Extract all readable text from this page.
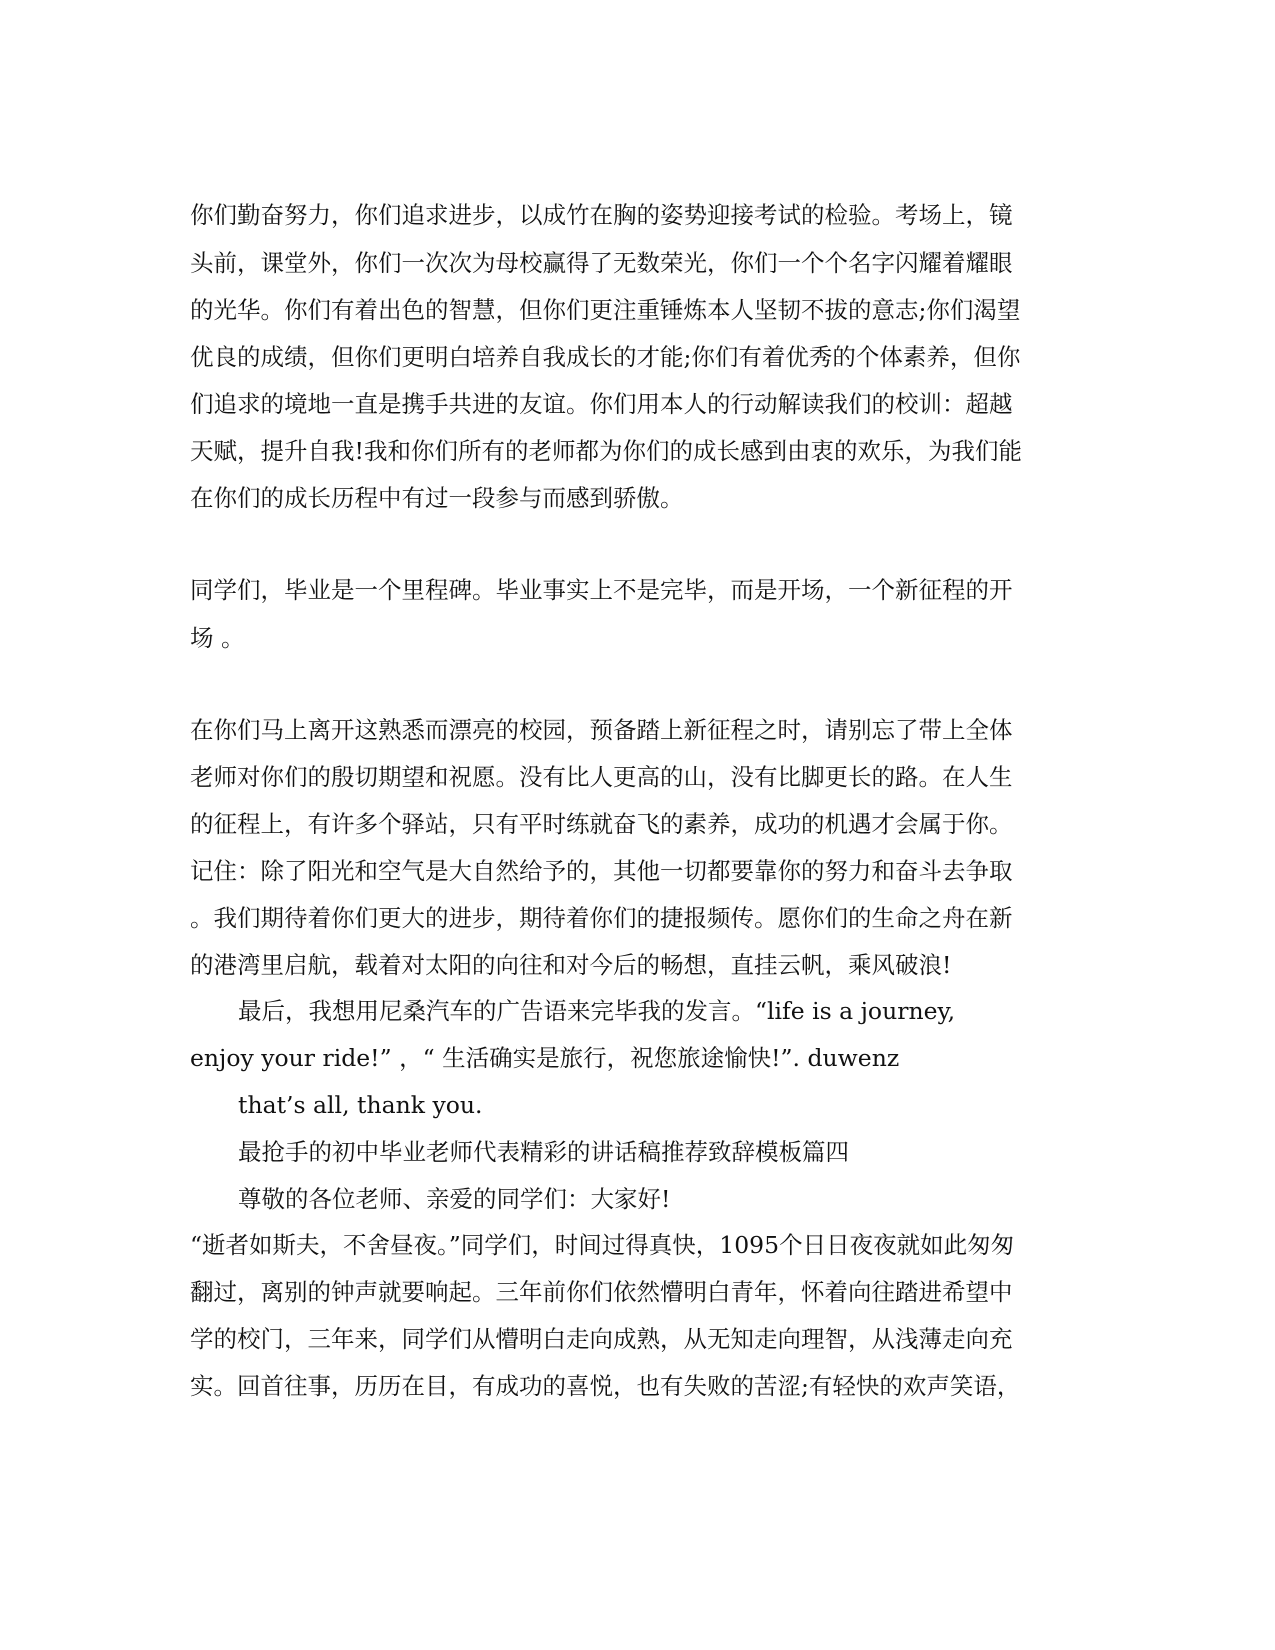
你们勤奋努力，你们追求进步，以成竹在胸的姿势迎接考试的检验。考场上，镜
头前，课堂外，你们一次次为母校赢得了无数荣光，你们一个个名字闪耀着耀眼
的光华。你们有着出色的智慧，但你们更注重锤炼本人坚韧不拔的意志;你们渴望
优良的成绩，但你们更明白培养自我成长的才能;你们有着优秀的个体素养，但你
们追求的境地一直是携手共进的友谊。你们用本人的行动解读我们的校训：超越
天赋，提升自我!我和你们所有的老师都为你们的成长感到由衷的欢乐，为我们能
在你们的成长历程中有过一段参与而感到骄傲。
同学们，毕业是一个里程碑。毕业事实上不是完毕，而是开场，一个新征程的开
场 。
在你们马上离开这熟悉而漂亮的校园，预备踏上新征程之时，请别忘了带上全体
老师对你们的殷切期望和祝愿。没有比人更高的山，没有比脚更长的路。在人生
的征程上，有许多个驿站，只有平时练就奋飞的素养，成功的机遇才会属于你。
记住：除了阳光和空气是大自然给予的，其他一切都要靠你的努力和奋斗去争取
。我们期待着你们更大的进步，期待着你们的捷报频传。愿你们的生命之舟在新
的港湾里启航，载着对太阳的向往和对今后的畅想，直挂云帆，乘风破浪!
最后，我想用尼桑汽车的广告语来完毕我的发言。“life is a journey,
enjoy your ride!” ，“ 生活确实是旅行，祝您旅途愉快!”. duwenz
that’s all, thank you.
最抢手的初中毕业老师代表精彩的讲话稿推荐致辞模板篇四
尊敬的各位老师、亲爱的同学们：大家好!
“逝者如斯夫，不舍昼夜。”同学们，时间过得真快，1095个日日夜夜就如此匆匆
翻过，离别的钟声就要响起。三年前你们依然懵明白青年，怀着向往踏进希望中
学的校门，三年来，同学们从懵明白走向成熟，从无知走向理智，从浅薄走向充
实。回首往事，历历在目，有成功的喜悦，也有失败的苦涩;有轻快的欢声笑语，
